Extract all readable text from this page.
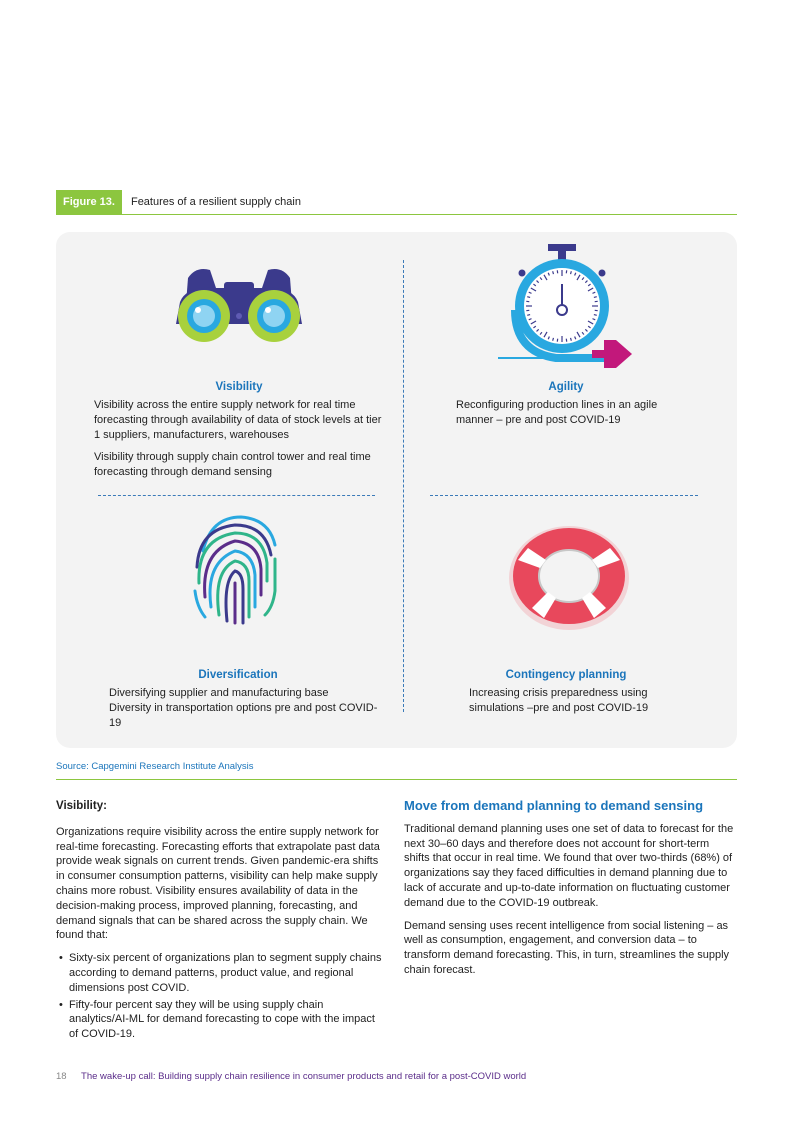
Figure 13.	Features of a resilient supply chain
Visibility

Visibility across the entire supply network for real time forecasting through availability of data of stock levels at tier 1 suppliers, manufacturers, warehouses

Visibility through supply chain control tower and real time forecasting through demand sensing

Agility
Reconfiguring production lines in an agile manner – pre and post COVID-19
Diversification
Diversifying supplier and manufacturing base
Diversity in transportation options pre and post COVID-19
Contingency planning
Increasing crisis preparedness using simulations –pre and post COVID-19
Source: Capgemini Research Institute Analysis
Visibility:
Organizations require visibility across the entire supply network for real-time forecasting. Forecasting efforts that extrapolate past data provide weak signals on current trends. Given pandemic-era shifts in consumer consumption patterns, visibility can help make supply chains more robust. Visibility ensures availability of data in the decision-making process, improved planning, forecasting, and demand signals that can be shared across the supply chain. We found that:
• Sixty-six percent of organizations plan to segment supply chains according to demand patterns, product value, and regional dimensions post COVID.
• Fifty-four percent say they will be using supply chain analytics/AI-ML for demand forecasting to cope with the impact of COVID-19.
Move from demand planning to demand sensing
Traditional demand planning uses one set of data to forecast for the next 30–60 days and therefore does not account for short-term shifts that occur in real time. We found that over two-thirds (68%) of organizations say they faced difficulties in demand planning due to lack of accurate and up-to-date information on fluctuating customer demand due to the COVID-19 outbreak.
Demand sensing uses recent intelligence from social listening – as well as consumption, engagement, and conversion data – to transform demand forecasting. This, in turn, streamlines the supply chain forecast.
18 The wake-up call: Building supply chain resilience in consumer products and retail for a post-COVID world
